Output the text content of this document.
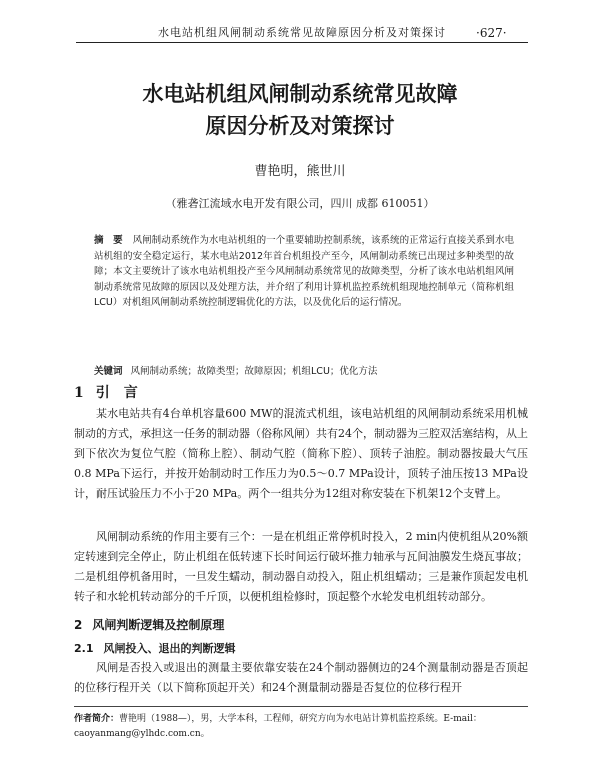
水电站机组风闸制动系统常见故障原因分析及对策探讨	·627·
水电站机组风闸制动系统常见故障
原因分析及对策探讨
曹艳明，熊世川
（雅砻江流域水电开发有限公司，四川 成都 610051）
摘　要 风闸制动系统作为水电站机组的一个重要辅助控制系统，该系统的正常运行直接关系到水电站机组的安全稳定运行，某水电站2012年首台机组投产至今，风闸制动系统已出现过多种类型的故障；本文主要统计了该水电站机组投产至今风闸制动系统常见的故障类型，分析了该水电站机组风闸制动系统常见故障的原因以及处理方法，并介绍了利用计算机监控系统机组现地控制单元（简称机组LCU）对机组风闸制动系统控制逻辑优化的方法，以及优化后的运行情况。
关键词 风闸制动系统；故障类型；故障原因；机组LCU；优化方法
1 引　言
某水电站共有4台单机容量600 MW的混流式机组，该电站机组的风闸制动系统采用机械制动的方式，承担这一任务的制动器（俗称风闸）共有24个，制动器为三腔双活塞结构，从上到下依次为复位气腔（简称上腔）、制动气腔（简称下腔）、顶转子油腔。制动器按最大气压0.8 MPa下运行，并按开始制动时工作压力为0.5～0.7 MPa设计，顶转子油压按13 MPa设计，耐压试验压力不小于20 MPa。两个一组共分为12组对称安装在下机架12个支臂上。
风闸制动系统的作用主要有三个：一是在机组正常停机时投入，2 min内使机组从20%额定转速到完全停止，防止机组在低转速下长时间运行破坏推力轴承与瓦间油膜发生烧瓦事故；二是机组停机备用时，一旦发生蠕动，制动器自动投入，阻止机组蠕动；三是兼作顶起发电机转子和水轮机转动部分的千斤顶，以便机组检修时，顶起整个水轮发电机组转动部分。
2 风闸判断逻辑及控制原理
2.1 风闸投入、退出的判断逻辑
风闸是否投入或退出的测量主要依靠安装在24个制动器侧边的24个测量制动器是否顶起的位移行程开关（以下简称顶起开关）和24个测量制动器是否复位的位移行程开
作者简介：曹艳明（1988—），男，大学本科，工程师，研究方向为水电站计算机监控系统。E-mail：caoyanmang@ylhdc.com.cn。
